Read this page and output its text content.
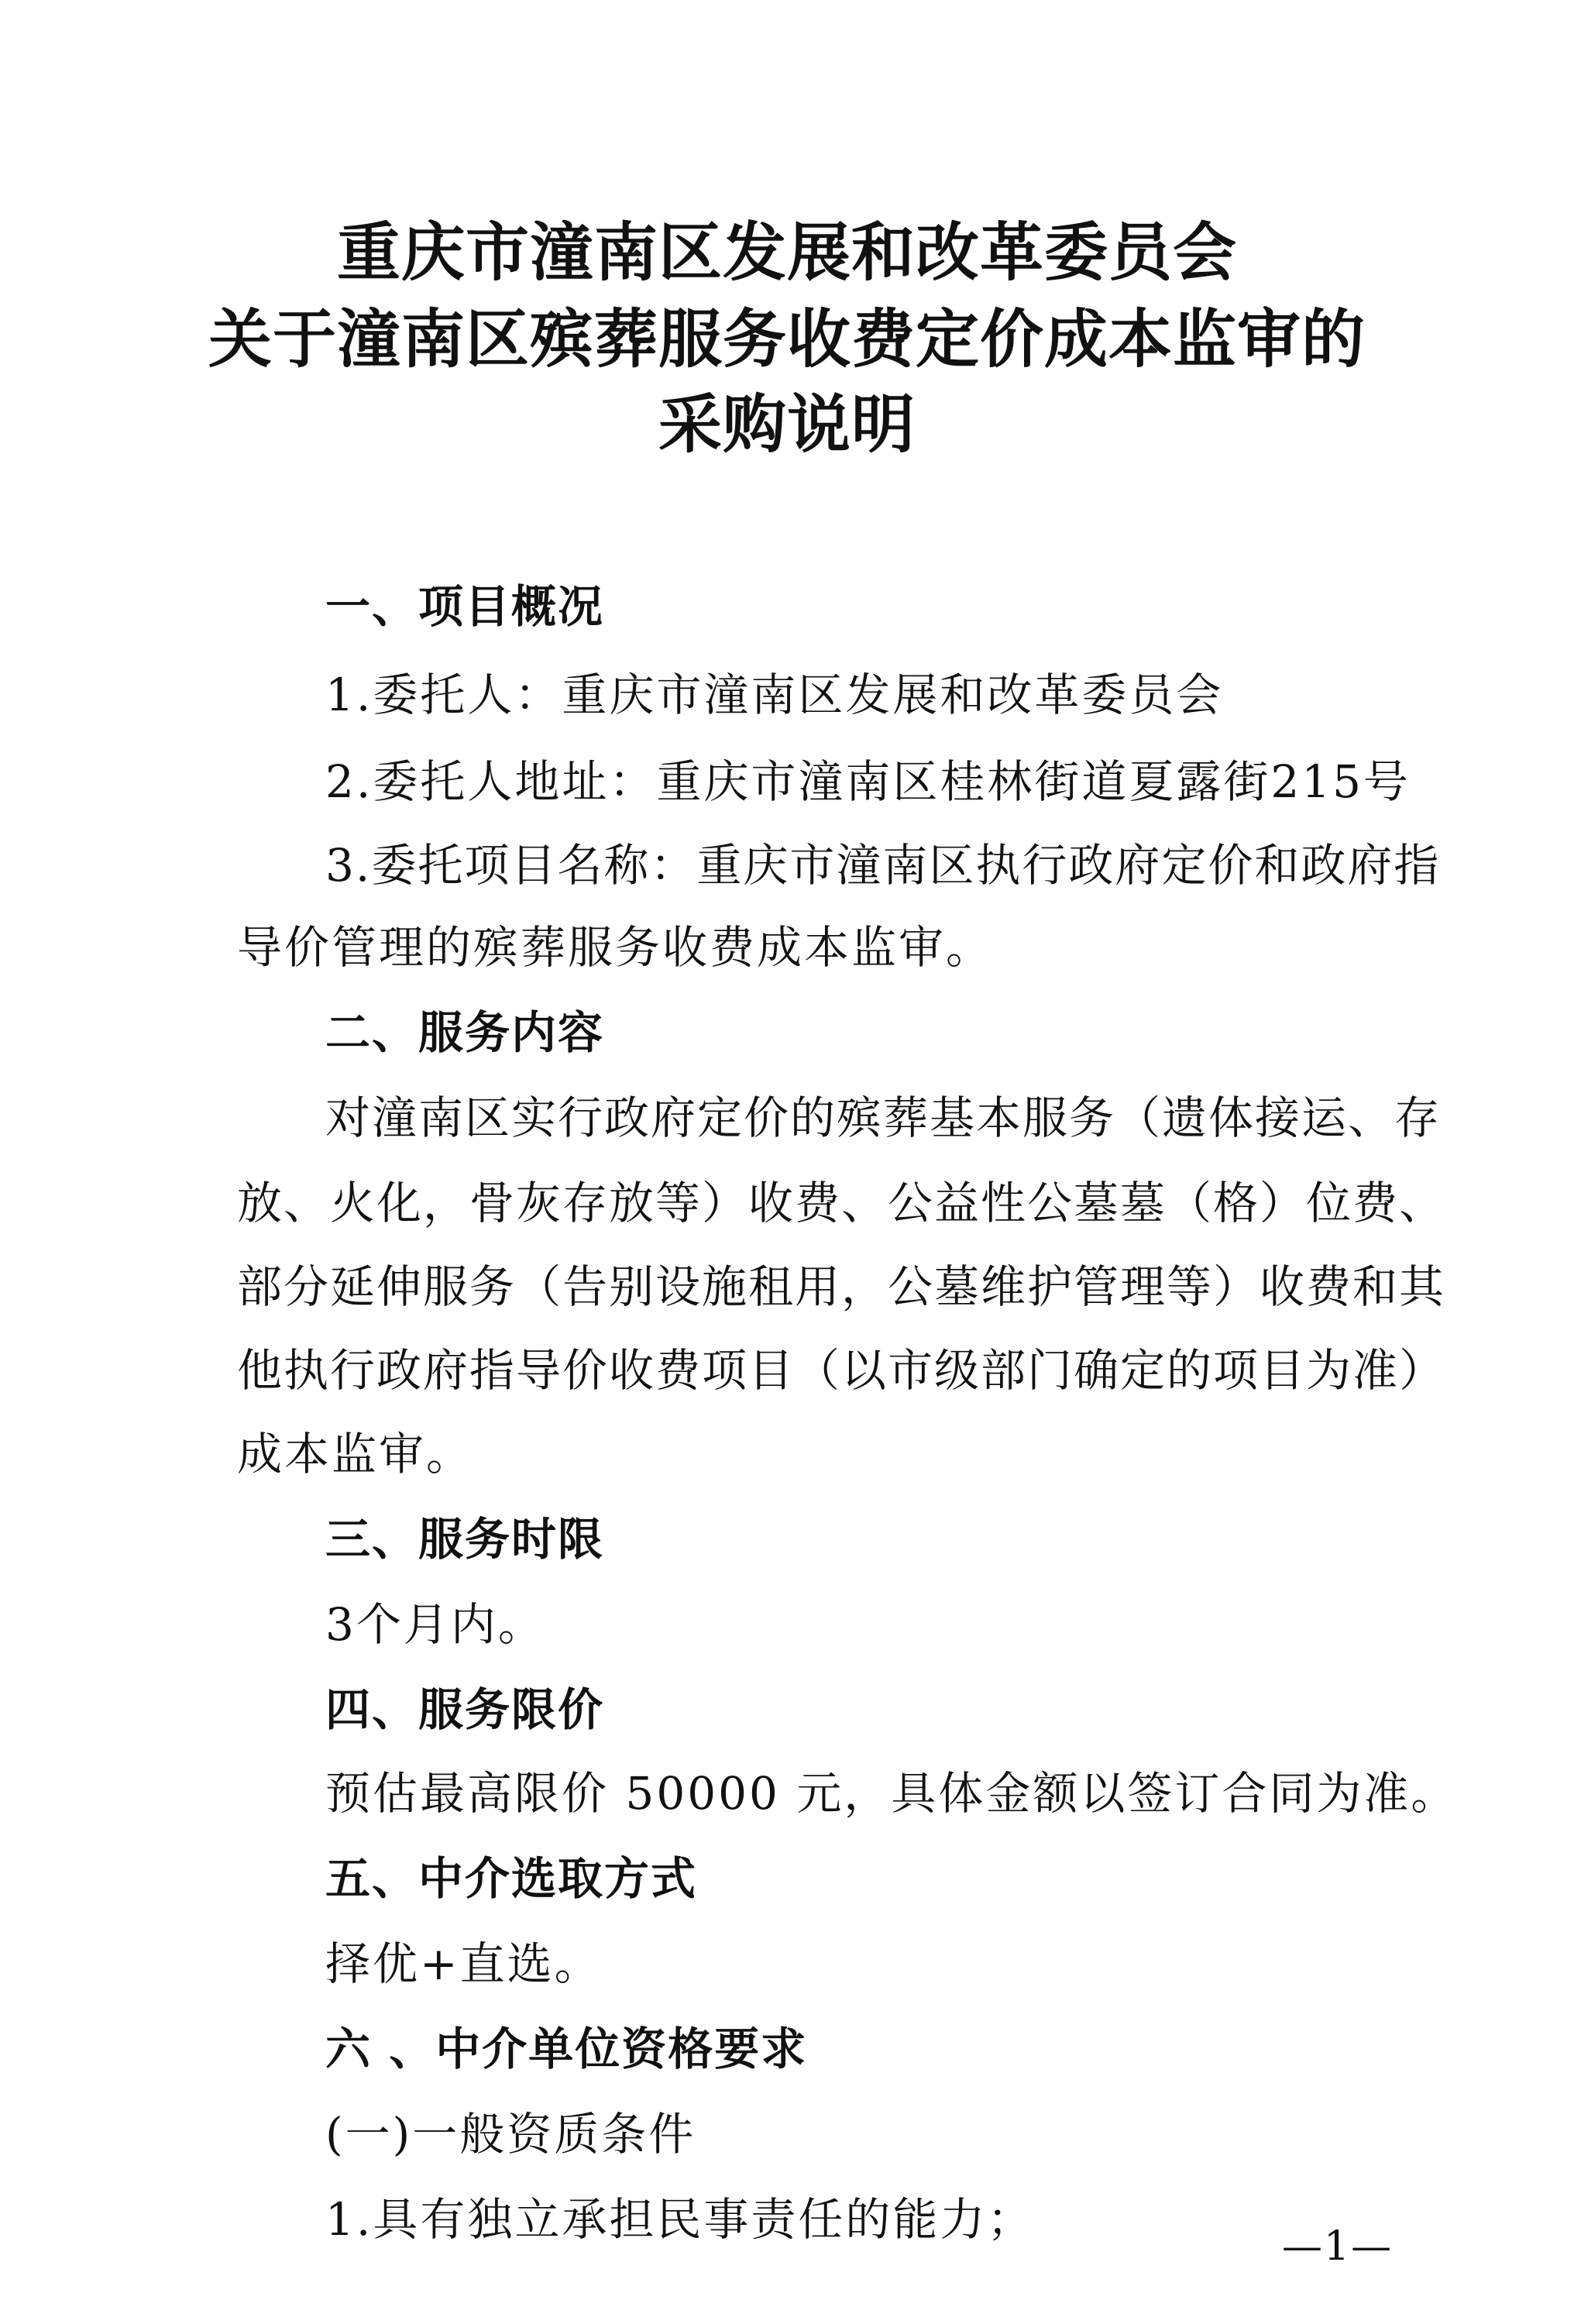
重庆市潼南区发展和改革委员会
关于潼南区殡葬服务收费定价成本监审的
采购说明
一、项目概况
1.委托人：重庆市潼南区发展和改革委员会
2.委托人地址：重庆市潼南区桂林街道夏露街215号
3.委托项目名称：重庆市潼南区执行政府定价和政府指
导价管理的殡葬服务收费成本监审。
二、服务内容
对潼南区实行政府定价的殡葬基本服务（遗体接运、存
放、火化，骨灰存放等）收费、公益性公墓墓（格）位费、
部分延伸服务（告别设施租用，公墓维护管理等）收费和其
他执行政府指导价收费项目（以市级部门确定的项目为准）
成本监审。
三、服务时限
3个月内。
四、服务限价
预估最高限价 50000 元，具体金额以签订合同为准。
五、中介选取方式
择优+直选。
六 、中介单位资格要求
(一)一般资质条件
1.具有独立承担民事责任的能力；
—1—
